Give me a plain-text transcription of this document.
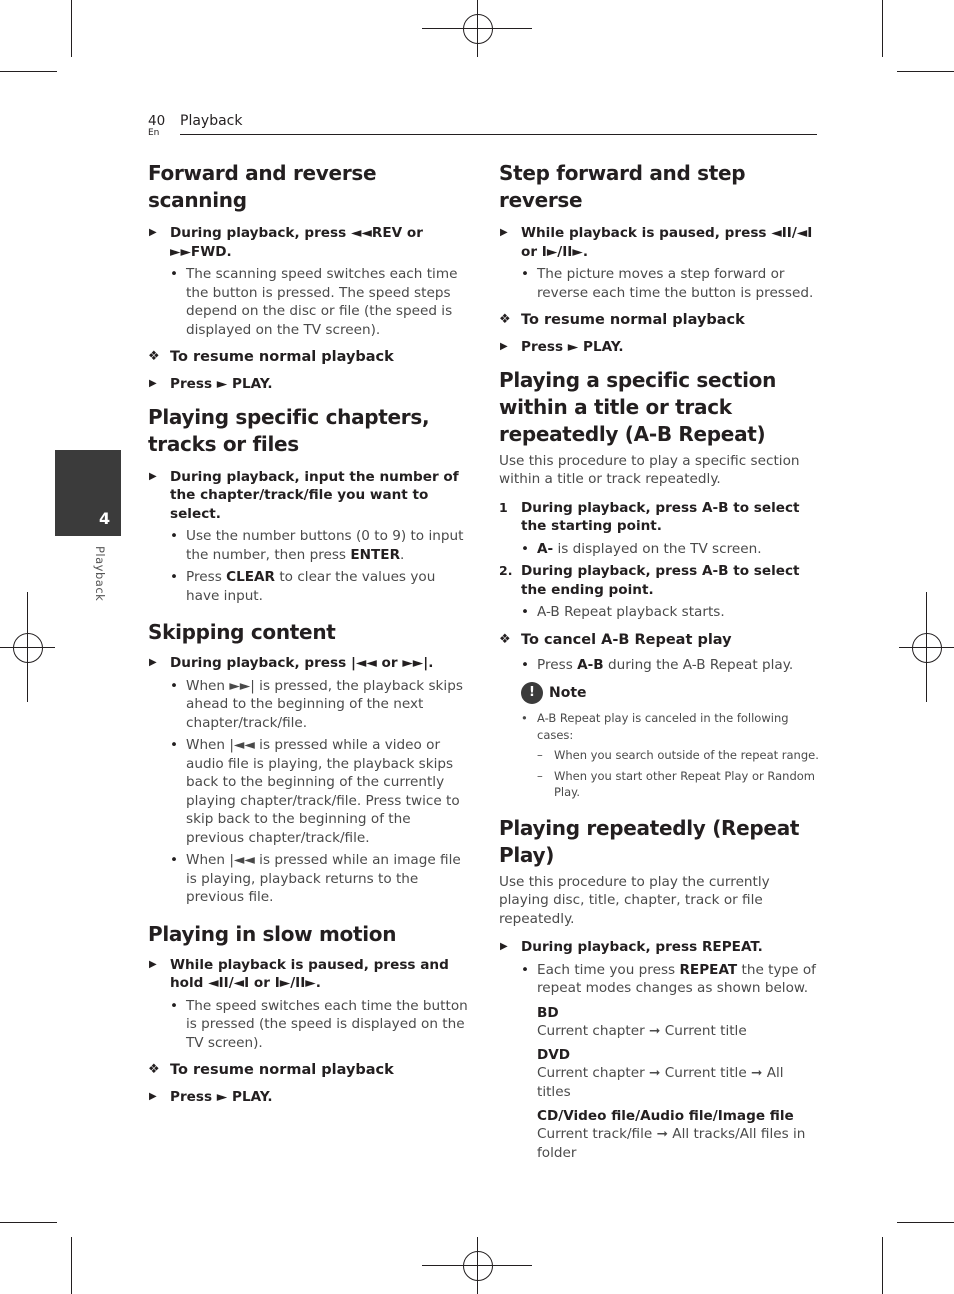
40
En
Playback
4
Playback
Forward and reverse scanning
▶ During playback, press ◄◄REV or ►►FWD.
• The scanning speed switches each time the button is pressed. The speed steps depend on the disc or file (the speed is displayed on the TV screen).
❖ To resume normal playback
▶ Press ► PLAY.
Playing specific chapters, tracks or files
▶ During playback, input the number of the chapter/track/file you want to select.
• Use the number buttons (0 to 9) to input the number, then press ENTER.
• Press CLEAR to clear the values you have input.
Skipping content
▶ During playback, press |◄◄ or ►►|.
• When ►►| is pressed, the playback skips ahead to the beginning of the next chapter/track/file.
• When |◄◄ is pressed while a video or audio file is playing, the playback skips back to the beginning of the currently playing chapter/track/file. Press twice to skip back to the beginning of the previous chapter/track/file.
• When |◄◄ is pressed while an image file is playing, playback returns to the previous file.
Playing in slow motion
▶ While playback is paused, press and hold ◄II/◄I or I►/II►.
• The speed switches each time the button is pressed (the speed is displayed on the TV screen).
❖ To resume normal playback
▶ Press ► PLAY.
Step forward and step reverse
▶ While playback is paused, press ◄II/◄I or I►/II►.
• The picture moves a step forward or reverse each time the button is pressed.
❖ To resume normal playback
▶ Press ► PLAY.
Playing a specific section within a title or track repeatedly (A-B Repeat)
Use this procedure to play a specific section within a title or track repeatedly.
1 During playback, press A-B to select the starting point.
• A- is displayed on the TV screen.
2. During playback, press A-B to select the ending point.
• A-B Repeat playback starts.
❖ To cancel A-B Repeat play
• Press A-B during the A-B Repeat play.
!	Note
• A-B Repeat play is canceled in the following cases:
– When you search outside of the repeat range.
– When you start other Repeat Play or Random Play.
Playing repeatedly (Repeat Play)
Use this procedure to play the currently playing disc, title, chapter, track or file repeatedly.
▶ During playback, press REPEAT.
• Each time you press REPEAT the type of repeat modes changes as shown below.
BD
Current chapter ➞ Current title
DVD
Current chapter ➞ Current title ➞ All titles
CD/Video file/Audio file/Image file
Current track/file ➞ All tracks/All files in folder
